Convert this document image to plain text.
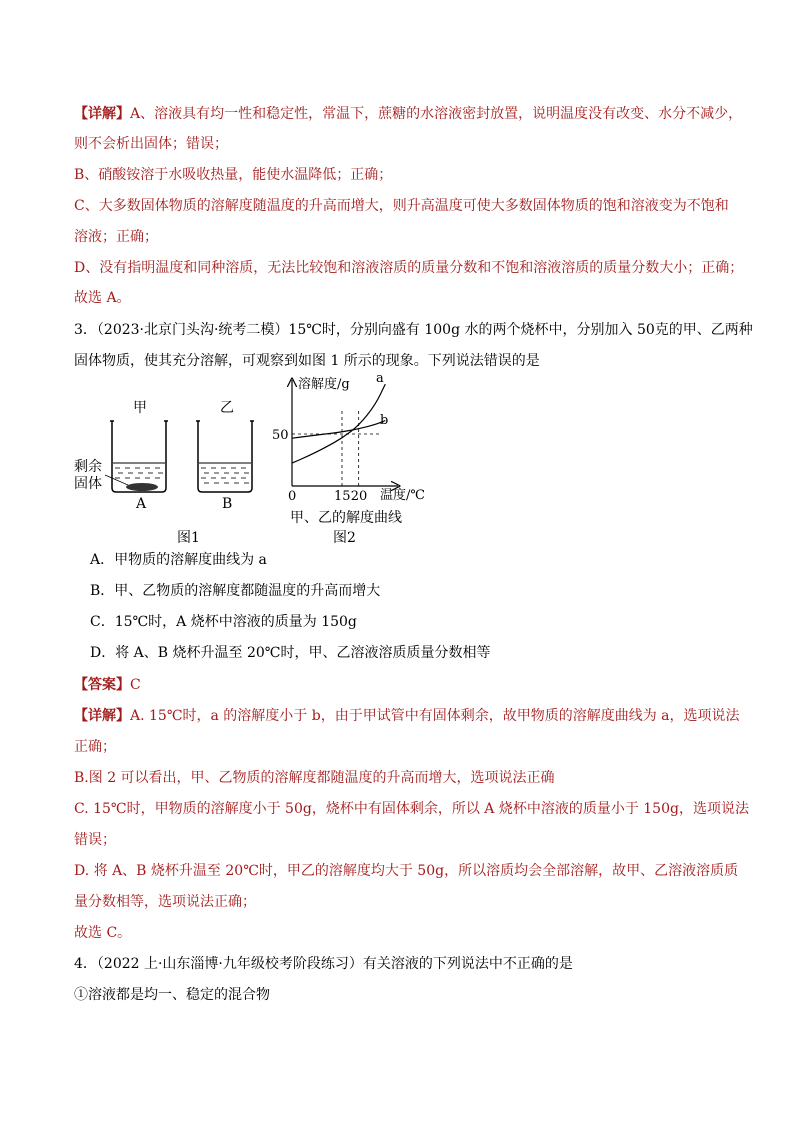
【详解】A、溶液具有均一性和稳定性，常温下，蔗糖的水溶液密封放置，说明温度没有改变、水分不减少，
则不会析出固体；错误；
B、硝酸铵溶于水吸收热量，能使水温降低；正确；
C、大多数固体物质的溶解度随温度的升高而增大，则升高温度可使大多数固体物质的饱和溶液变为不饱和
溶液；正确；
D、没有指明温度和同种溶质，无法比较饱和溶液溶质的质量分数和不饱和溶液溶质的质量分数大小；正确；
故选 A。
3．（2023·北京门头沟·统考二模）15℃时，分别向盛有 100g 水的两个烧杯中，分别加入 50克的甲、乙两种
固体物质，使其充分溶解，可观察到如图 1 所示的现象。下列说法错误的是
甲	乙
剩余
固体
A	B
图1
溶解度/g
温度/℃
50
0	15 20
a
b
甲、乙的解度曲线
图2
A．甲物质的溶解度曲线为 a
B．甲、乙物质的溶解度都随温度的升高而增大
C．15℃时，A 烧杯中溶液的质量为 150g
D．将 A、B 烧杯升温至 20℃时，甲、乙溶液溶质质量分数相等
【答案】C
【详解】A. 15℃时，a 的溶解度小于 b，由于甲试管中有固体剩余，故甲物质的溶解度曲线为 a，选项说法
正确；
B.图 2 可以看出，甲、乙物质的溶解度都随温度的升高而增大，选项说法正确
C. 15℃时，甲物质的溶解度小于 50g，烧杯中有固体剩余，所以 A 烧杯中溶液的质量小于 150g，选项说法
错误；
D. 将 A、B 烧杯升温至 20℃时，甲乙的溶解度均大于 50g，所以溶质均会全部溶解，故甲、乙溶液溶质质
量分数相等，选项说法正确；
故选 C。
4．（2022 上·山东淄博·九年级校考阶段练习）有关溶液的下列说法中不正确的是
①溶液都是均一、稳定的混合物
